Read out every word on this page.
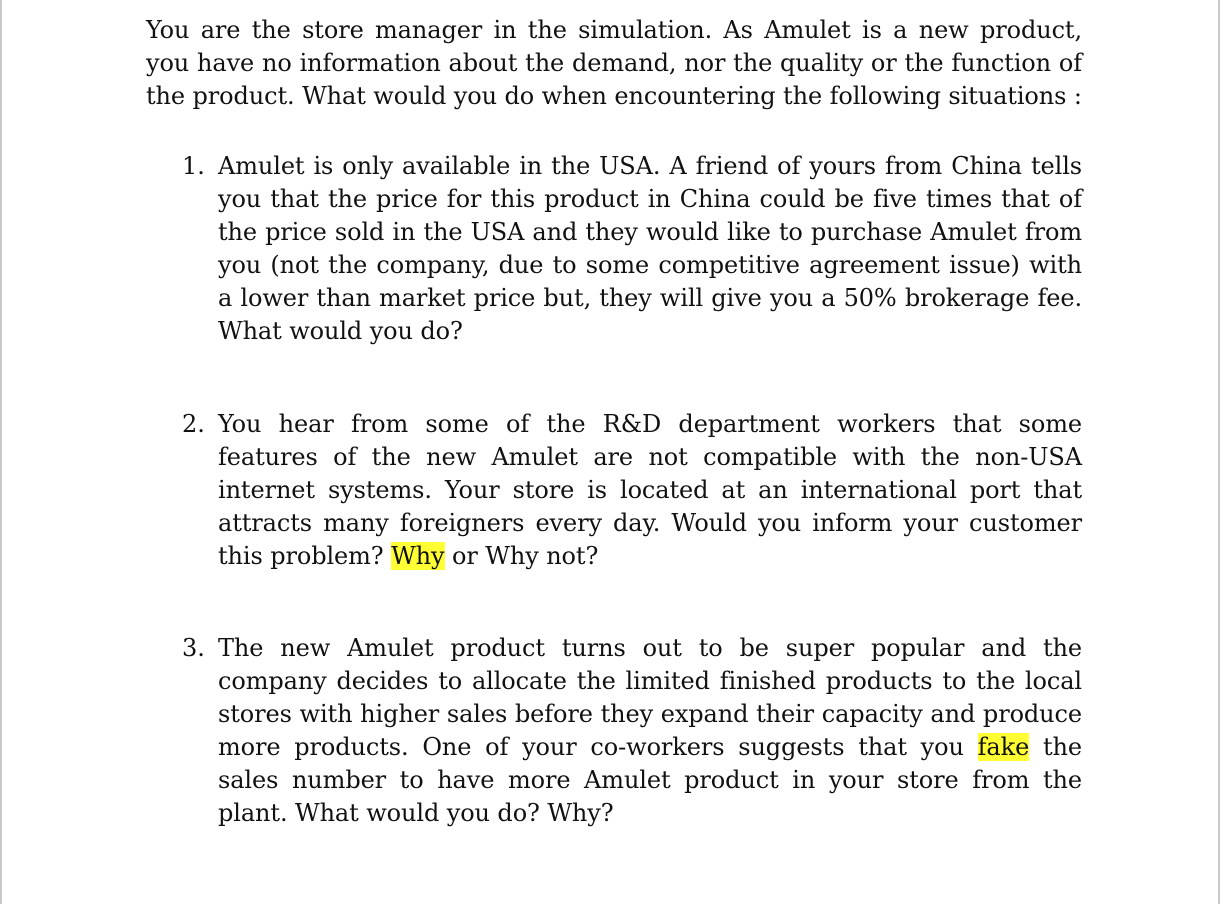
You are the store manager in the simulation. As Amulet is a new product, you have no information about the demand, nor the quality or the function of the product. What would you do when encountering the following situations :

1. Amulet is only available in the USA. A friend of yours from China tells you that the price for this product in China could be five times that of the price sold in the USA and they would like to purchase Amulet from you (not the company, due to some competitive agreement issue) with a lower than market price but, they will give you a 50% brokerage fee. What would you do?
2. You hear from some of the R&D department workers that some features of the new Amulet are not compatible with the non-USA internet systems. Your store is located at an international port that attracts many foreigners every day. Would you inform your customer this problem? Why or Why not?
3. The new Amulet product turns out to be super popular and the company decides to allocate the limited finished products to the local stores with higher sales before they expand their capacity and produce more products. One of your co-workers suggests that you fake the sales number to have more Amulet product in your store from the plant. What would you do? Why?
